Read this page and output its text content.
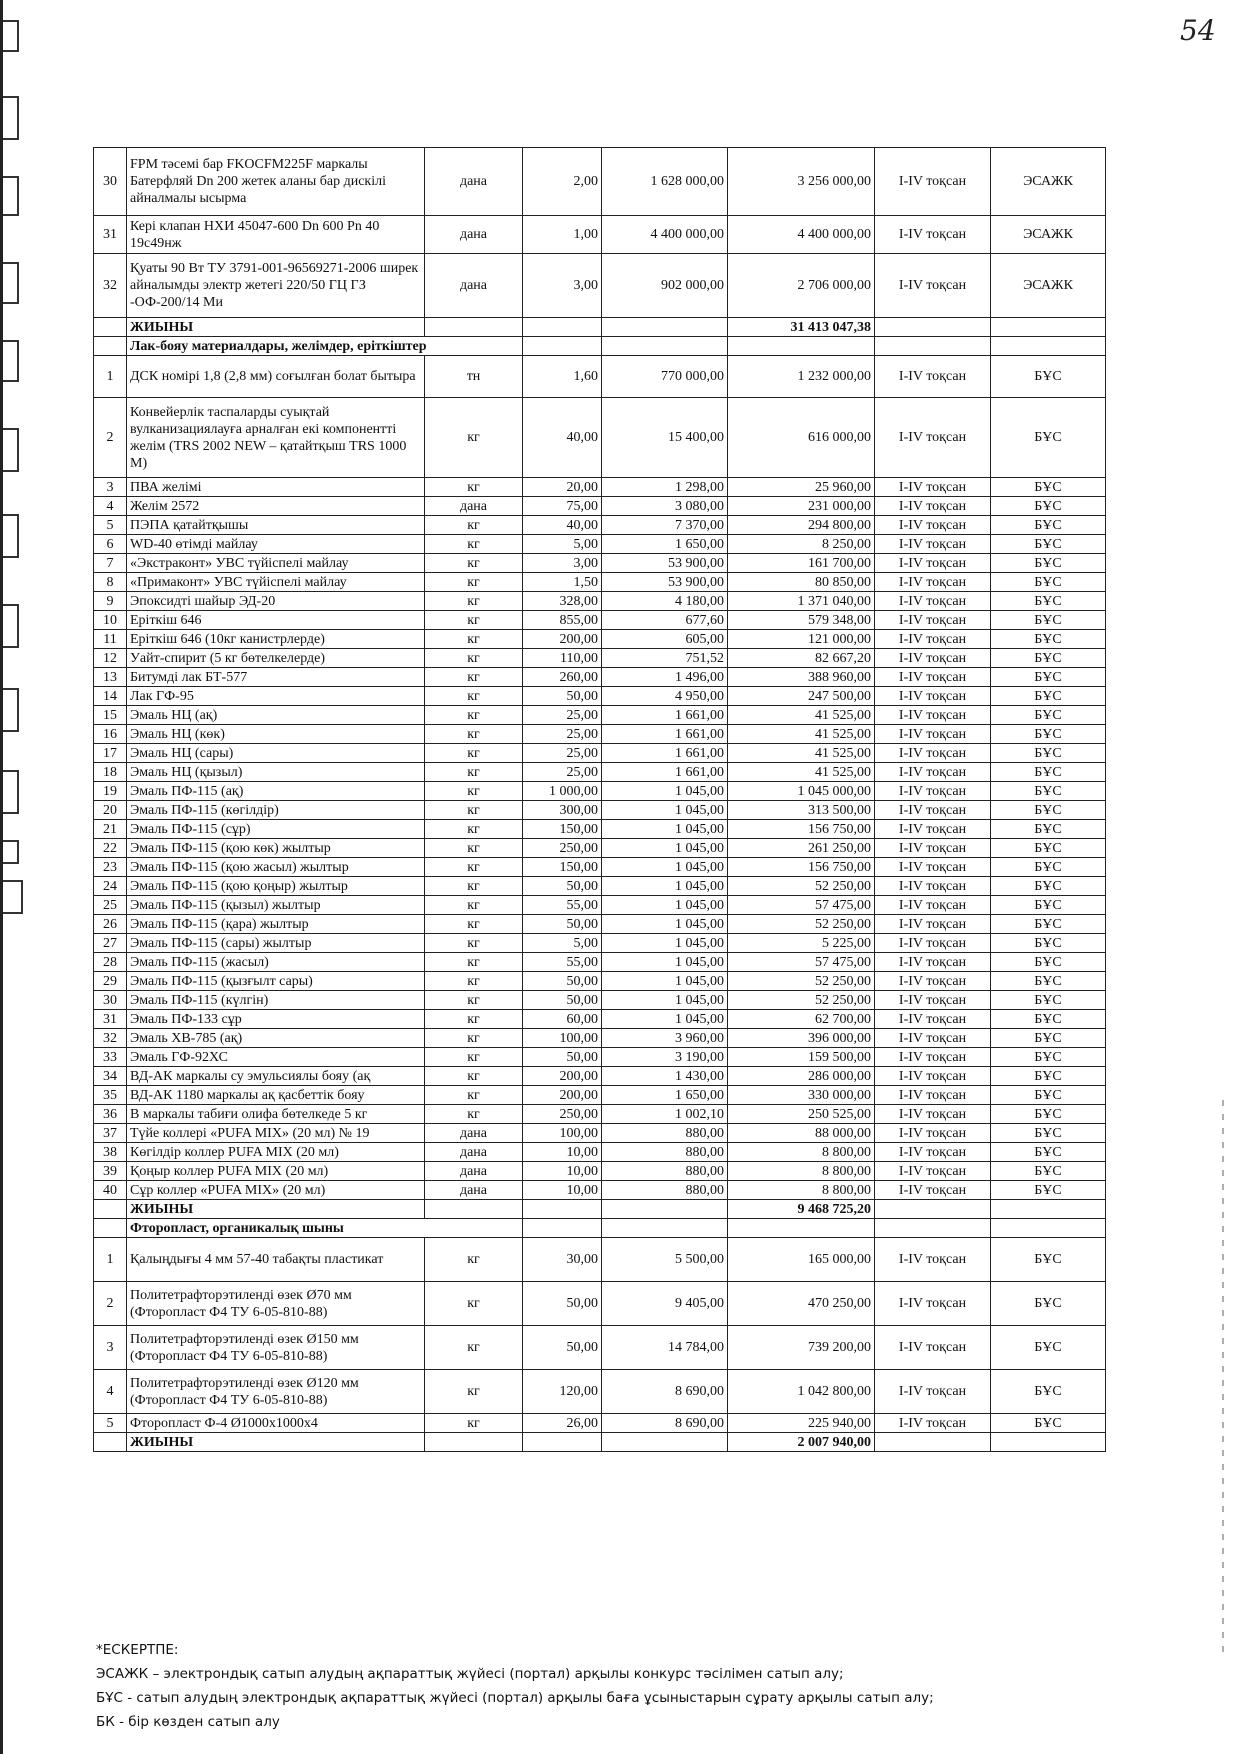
54
30	FPM тәсемі бар FKOCFM225F маркалы Батерфляй Dn 200 жетек аланы бар дискілі айналмалы ысырма	дана	2,00	1 628 000,00	3 256 000,00	I-IV тоқсан	ЭСАЖК
31	Кері клапан НХИ 45047-600 Dn 600 Pn 40 19с49нж	дана	1,00	4 400 000,00	4 400 000,00	I-IV тоқсан	ЭСАЖК
32	Қуаты 90 Вт ТУ 3791-001-96569271-2006 ширек айналымды электр жетегі 220/50 ГЦ ГЗ -ОФ-200/14 Ми	дана	3,00	902 000,00	2 706 000,00	I-IV тоқсан	ЭСАЖК
	ЖИЫНЫ				31 413 047,38		
	Лак-бояу материалдары, желімдер, еріткіштер						
1	ДСК номірі 1,8 (2,8 мм) соғылған болат бытыра	тн	1,60	770 000,00	1 232 000,00	I-IV тоқсан	БҰС
2	Конвейерлік таспаларды суықтай вулканизациялауға арналған екі компонентті желім (TRS 2002 NEW – қатайтқыш TRS 1000 M)	кг	40,00	15 400,00	616 000,00	I-IV тоқсан	БҰС
3	ПВА желімі	кг	20,00	1 298,00	25 960,00	I-IV тоқсан	БҰС
4	Желім 2572	дана	75,00	3 080,00	231 000,00	I-IV тоқсан	БҰС
5	ПЭПА қатайтқышы	кг	40,00	7 370,00	294 800,00	I-IV тоқсан	БҰС
6	WD-40 өтімді майлау	кг	5,00	1 650,00	8 250,00	I-IV тоқсан	БҰС
7	«Экстраконт» УВС түйіспелі майлау	кг	3,00	53 900,00	161 700,00	I-IV тоқсан	БҰС
8	«Примаконт» УВС түйіспелі майлау	кг	1,50	53 900,00	80 850,00	I-IV тоқсан	БҰС
9	Эпоксидті шайыр ЭД-20	кг	328,00	4 180,00	1 371 040,00	I-IV тоқсан	БҰС
10	Еріткіш 646	кг	855,00	677,60	579 348,00	I-IV тоқсан	БҰС
11	Еріткіш 646 (10кг канистрлерде)	кг	200,00	605,00	121 000,00	I-IV тоқсан	БҰС
12	Уайт-спирит (5 кг бөтелкелерде)	кг	110,00	751,52	82 667,20	I-IV тоқсан	БҰС
13	Битумді лак БТ-577	кг	260,00	1 496,00	388 960,00	I-IV тоқсан	БҰС
14	Лак ГФ-95	кг	50,00	4 950,00	247 500,00	I-IV тоқсан	БҰС
15	Эмаль НЦ (ақ)	кг	25,00	1 661,00	41 525,00	I-IV тоқсан	БҰС
16	Эмаль НЦ (көк)	кг	25,00	1 661,00	41 525,00	I-IV тоқсан	БҰС
17	Эмаль НЦ (сары)	кг	25,00	1 661,00	41 525,00	I-IV тоқсан	БҰС
18	Эмаль НЦ (қызыл)	кг	25,00	1 661,00	41 525,00	I-IV тоқсан	БҰС
19	Эмаль ПФ-115 (ақ)	кг	1 000,00	1 045,00	1 045 000,00	I-IV тоқсан	БҰС
20	Эмаль ПФ-115 (көгілдір)	кг	300,00	1 045,00	313 500,00	I-IV тоқсан	БҰС
21	Эмаль ПФ-115 (сұр)	кг	150,00	1 045,00	156 750,00	I-IV тоқсан	БҰС
22	Эмаль ПФ-115 (қою көк) жылтыр	кг	250,00	1 045,00	261 250,00	I-IV тоқсан	БҰС
23	Эмаль ПФ-115 (қою жасыл) жылтыр	кг	150,00	1 045,00	156 750,00	I-IV тоқсан	БҰС
24	Эмаль ПФ-115 (қою қоңыр) жылтыр	кг	50,00	1 045,00	52 250,00	I-IV тоқсан	БҰС
25	Эмаль ПФ-115 (қызыл) жылтыр	кг	55,00	1 045,00	57 475,00	I-IV тоқсан	БҰС
26	Эмаль ПФ-115 (қара) жылтыр	кг	50,00	1 045,00	52 250,00	I-IV тоқсан	БҰС
27	Эмаль ПФ-115 (сары) жылтыр	кг	5,00	1 045,00	5 225,00	I-IV тоқсан	БҰС
28	Эмаль ПФ-115 (жасыл)	кг	55,00	1 045,00	57 475,00	I-IV тоқсан	БҰС
29	Эмаль ПФ-115 (қызғылт сары)	кг	50,00	1 045,00	52 250,00	I-IV тоқсан	БҰС
30	Эмаль ПФ-115 (күлгін)	кг	50,00	1 045,00	52 250,00	I-IV тоқсан	БҰС
31	Эмаль ПФ-133 сұр	кг	60,00	1 045,00	62 700,00	I-IV тоқсан	БҰС
32	Эмаль ХВ-785 (ақ)	кг	100,00	3 960,00	396 000,00	I-IV тоқсан	БҰС
33	Эмаль ГФ-92ХС	кг	50,00	3 190,00	159 500,00	I-IV тоқсан	БҰС
34	ВД-АК маркалы су эмульсиялы бояу (ақ	кг	200,00	1 430,00	286 000,00	I-IV тоқсан	БҰС
35	ВД-АК 1180 маркалы ақ қасбеттік бояу	кг	200,00	1 650,00	330 000,00	I-IV тоқсан	БҰС
36	В маркалы табиғи олифа бөтелкеде 5 кг	кг	250,00	1 002,10	250 525,00	I-IV тоқсан	БҰС
37	Түйе коллері «PUFA MIX» (20 мл) № 19	дана	100,00	880,00	88 000,00	I-IV тоқсан	БҰС
38	Көгілдір коллер PUFA MIX (20 мл)	дана	10,00	880,00	8 800,00	I-IV тоқсан	БҰС
39	Қоңыр коллер PUFA MIX (20 мл)	дана	10,00	880,00	8 800,00	I-IV тоқсан	БҰС
40	Сұр коллер «PUFA MIX» (20 мл)	дана	10,00	880,00	8 800,00	I-IV тоқсан	БҰС
	ЖИЫНЫ				9 468 725,20		
	Фторопласт, органикалық шыны						
1	Қалыңдығы 4 мм 57-40 табақты пластикат	кг	30,00	5 500,00	165 000,00	I-IV тоқсан	БҰС
2	Политетрафторэтиленді өзек Ø70 мм (Фторопласт Ф4 ТУ 6-05-810-88)	кг	50,00	9 405,00	470 250,00	I-IV тоқсан	БҰС
3	Политетрафторэтиленді өзек Ø150 мм (Фторопласт Ф4 ТУ 6-05-810-88)	кг	50,00	14 784,00	739 200,00	I-IV тоқсан	БҰС
4	Политетрафторэтиленді өзек Ø120 мм (Фторопласт Ф4 ТУ 6-05-810-88)	кг	120,00	8 690,00	1 042 800,00	I-IV тоқсан	БҰС
5	Фторопласт Ф-4 Ø1000x1000x4	кг	26,00	8 690,00	225 940,00	I-IV тоқсан	БҰС
	ЖИЫНЫ				2 007 940,00		
*ЕСКЕРТПЕ:
ЭСАЖК – электрондық сатып алудың ақпараттық жүйесі (портал) арқылы конкурс тәсілімен сатып алу;
БҰС - сатып алудың электрондық ақпараттық жүйесі (портал) арқылы баға ұсыныстарын сұрату арқылы сатып алу;
БК - бір көзден сатып алу
